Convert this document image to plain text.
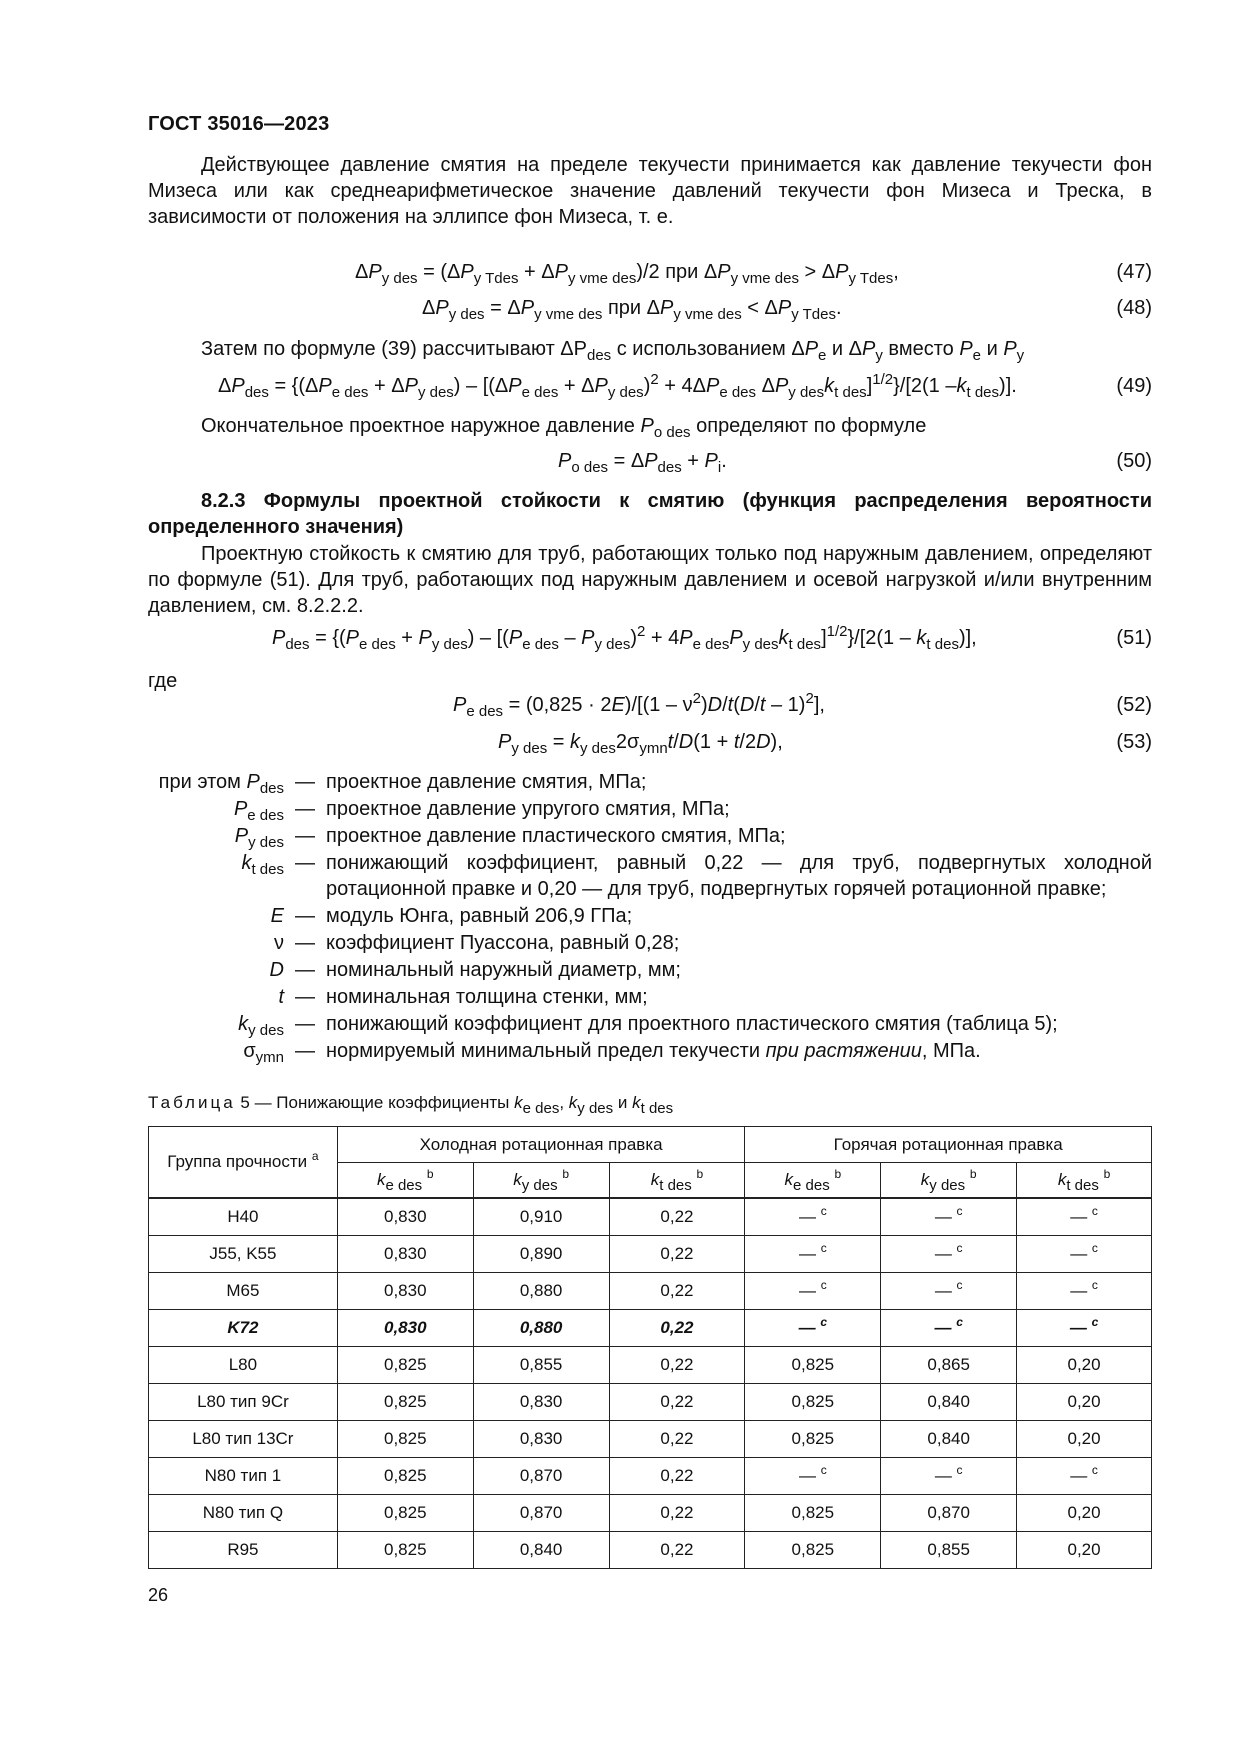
ГОСТ 35016—2023
Действующее давление смятия на пределе текучести принимается как давление текучести фон Мизеса или как среднеарифметическое значение давлений текучести фон Мизеса и Треска, в зависимости от положения на эллипсе фон Мизеса, т. е.
$\Delta P_{y des} = (\Delta P_{y Tdes} + \Delta P_{y vme des})/2$ при $\Delta P_{y vme des} > \Delta P_{y Tdes}$,	(47)
$\Delta P_{y des} = \Delta P_{y vme des}$ при $\Delta P_{y vme des} < \Delta P_{y Tdes}$.	(48)
Затем по формуле (39) рассчитывают $\Delta P_{des}$ с использованием $\Delta P_e$ и $\Delta P_y$ вместо $P_e$ и $P_y$
$\Delta P_{des} = \{(\Delta P_{e des} + \Delta P_{y des}) - [(\Delta P_{e des} + \Delta P_{y des})^2 + 4\Delta P_{e des}$ $\Delta P_{y des}k_{t des}]^{1/2}\}/[2(1$ $-k_{t des}$)].	(49)
Окончательное проектное наружное давление $P_{o des}$ определяют по формуле
$P_{o des} = \Delta P_{des} + P_i$.	(50)
8.2.3 Формулы проектной стойкости к смятию (функция распределения вероятности определенного значения)
Проектную стойкость к смятию для труб, работающих только под наружным давлением, определяют по формуле (51). Для труб, работающих под наружным давлением и осевой нагрузкой и/или внутренним давлением, см. 8.2.2.2.
$P_{des} = \{(P_{e des} + P_{y des}) - [(P_{e des} - P_{y des})^2 + 4P_{e des}P_{y des}k_{t des}]^{1/2}\}/[2(1 - k_{t des})]$,	(51)
где
$P_{e des} = (0,825 \cdot 2E)/[(1 - \nu^2)D/t(D/t - 1)^2]$,	(52)
$P_{y des} = k_{y des}2\sigma_{ymn}t/D(1 + t/2D)$,	(53)
при этом $P_{des}$ — проектное давление смятия, МПа;
$P_{e des}$ — проектное давление упругого смятия, МПа;
$P_{y des}$ — проектное давление пластического смятия, МПа;
$k_{t des}$ — понижающий коэффициент, равный 0,22 — для труб, подвергнутых холодной ротационной правке и 0,20 — для труб, подвергнутых горячей ротационной правке;
E — модуль Юнга, равный 206,9 ГПа;
ν — коэффициент Пуассона, равный 0,28;
D — номинальный наружный диаметр, мм;
t — номинальная толщина стенки, мм;
$k_{y des}$ — понижающий коэффициент для проектного пластического смятия (таблица 5);
$\sigma_{ymn}$ — нормируемый минимальный предел текучести при растяжении, МПа.
Таблица 5 — Понижающие коэффициенты $k_{e des}$, $k_{y des}$ и $k_{t des}$
Группа прочности $^a$	Холодная ротационная правка			Горячая ротационная правка		
	$k_{e des}$ $^b$	$k_{y des}$ $^b$	$k_{t des}$ $^b$	$k_{e des}$ $^b$	$k_{y des}$ $^b$	$k_{t des}$ $^b$
H40	0,830	0,910	0,22	— $^c$	— $^c$	— $^c$
J55, K55	0,830	0,890	0,22	— $^c$	— $^c$	— $^c$
M65	0,830	0,880	0,22	— $^c$	— $^c$	— $^c$
K72	0,830	0,880	0,22	— $^c$	— $^c$	— $^c$
L80	0,825	0,855	0,22	0,825	0,865	0,20
L80 тип 9Cr	0,825	0,830	0,22	0,825	0,840	0,20
L80 тип 13Cr	0,825	0,830	0,22	0,825	0,840	0,20
N80 тип 1	0,825	0,870	0,22	— $^c$	— $^c$	— $^c$
N80 тип Q	0,825	0,870	0,22	0,825	0,870	0,20
R95	0,825	0,840	0,22	0,825	0,855	0,20
26
